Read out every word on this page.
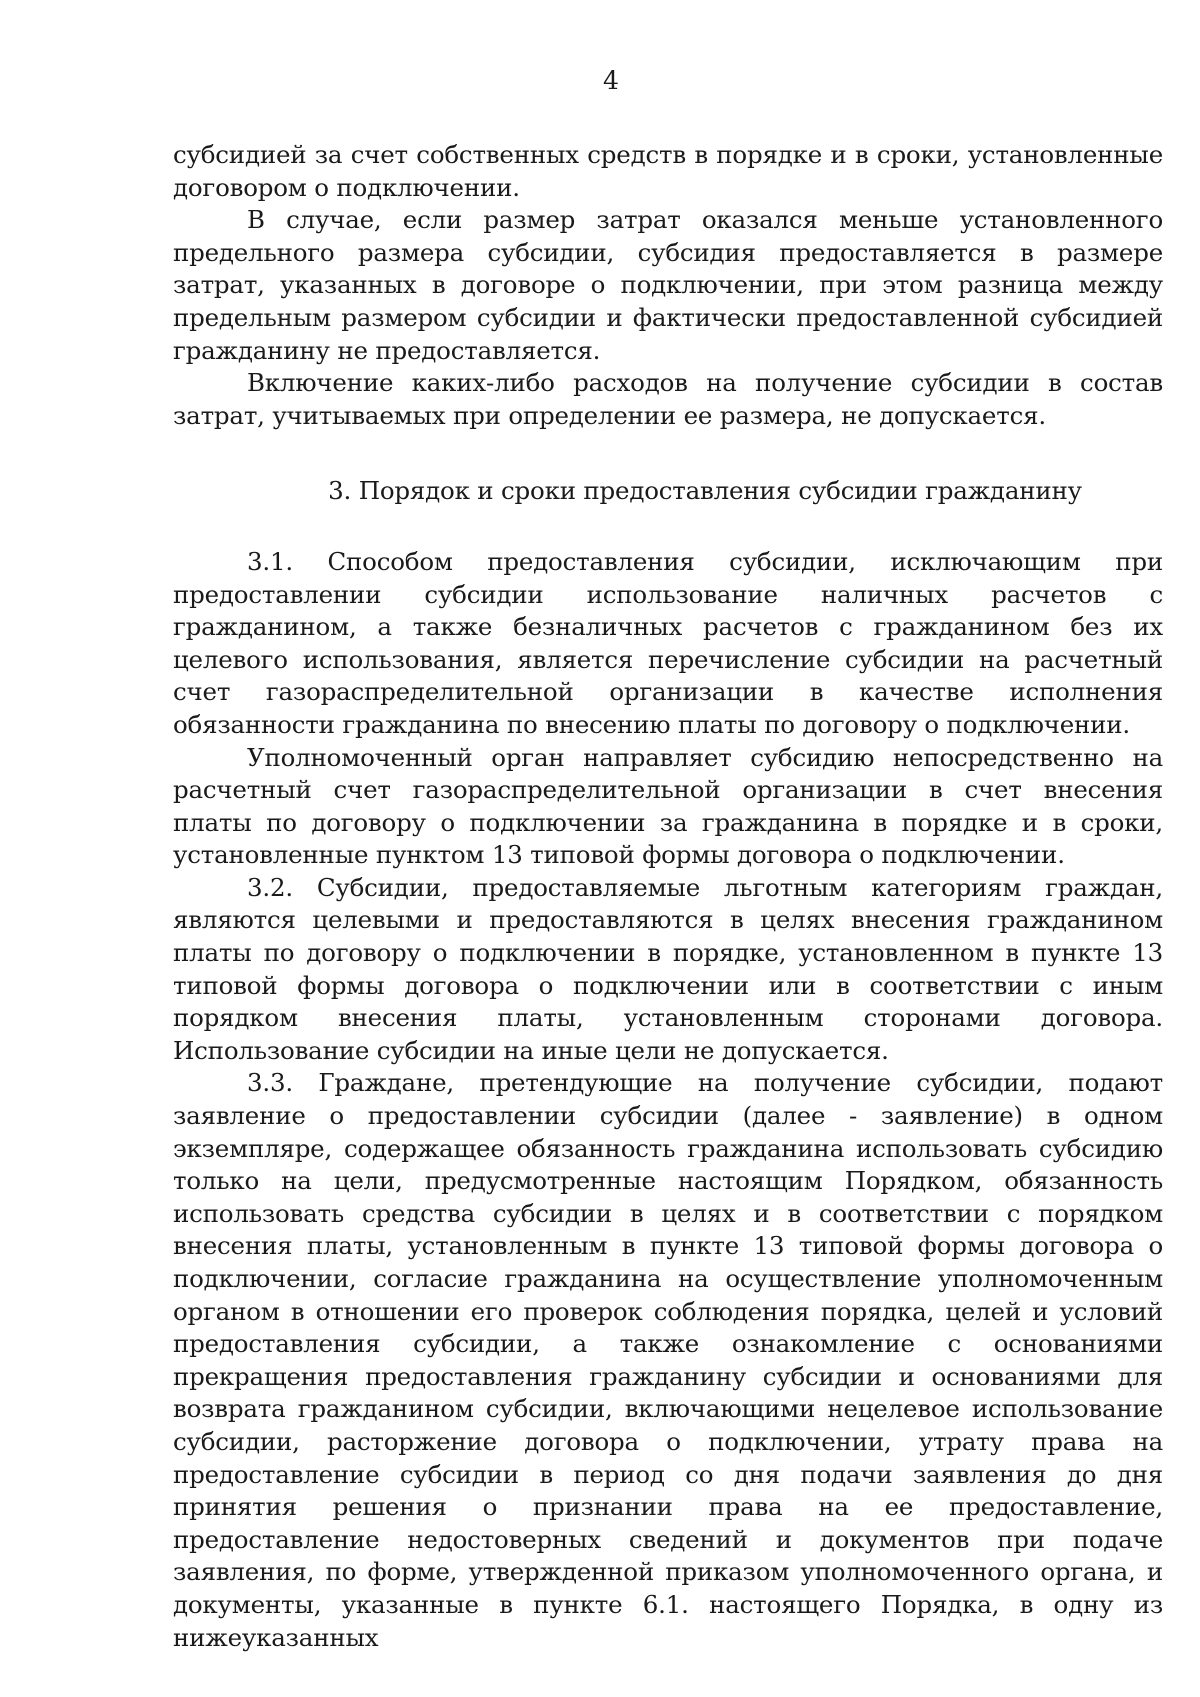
4

субсидией за счет собственных средств в порядке и в сроки, установленные договором о подключении.

В случае, если размер затрат оказался меньше установленного предельного размера субсидии, субсидия предоставляется в размере затрат, указанных в договоре о подключении, при этом разница между предельным размером субсидии и фактически предоставленной субсидией гражданину не предоставляется.

Включение каких-либо расходов на получение субсидии в состав затрат, учитываемых при определении ее размера, не допускается.

3. Порядок и сроки предоставления субсидии гражданину

3.1. Способом предоставления субсидии, исключающим при предоставлении субсидии использование наличных расчетов с гражданином, а также безналичных расчетов с гражданином без их целевого использования, является перечисление субсидии на расчетный счет газораспределительной организации в качестве исполнения обязанности гражданина по внесению платы по договору о подключении.

Уполномоченный орган направляет субсидию непосредственно на расчетный счет газораспределительной организации в счет внесения платы по договору о подключении за гражданина в порядке и в сроки, установленные пунктом 13 типовой формы договора о подключении.

3.2. Субсидии, предоставляемые льготным категориям граждан, являются целевыми и предоставляются в целях внесения гражданином платы по договору о подключении в порядке, установленном в пункте 13 типовой формы договора о подключении или в соответствии с иным порядком внесения платы, установленным сторонами договора. Использование субсидии на иные цели не допускается.

3.3. Граждане, претендующие на получение субсидии, подают заявление о предоставлении субсидии (далее - заявление) в одном экземпляре, содержащее обязанность гражданина использовать субсидию только на цели, предусмотренные настоящим Порядком, обязанность использовать средства субсидии в целях и в соответствии с порядком внесения платы, установленным в пункте 13 типовой формы договора о подключении, согласие гражданина на осуществление уполномоченным органом в отношении его проверок соблюдения порядка, целей и условий предоставления субсидии, а также ознакомление с основаниями прекращения предоставления гражданину субсидии и основаниями для возврата гражданином субсидии, включающими нецелевое использование субсидии, расторжение договора о подключении, утрату права на предоставление субсидии в период со дня подачи заявления до дня принятия решения о признании права на ее предоставление, предоставление недостоверных сведений и документов при подаче заявления, по форме, утвержденной приказом уполномоченного органа, и документы, указанные в пункте 6.1. настоящего Порядка, в одну из нижеуказанных
